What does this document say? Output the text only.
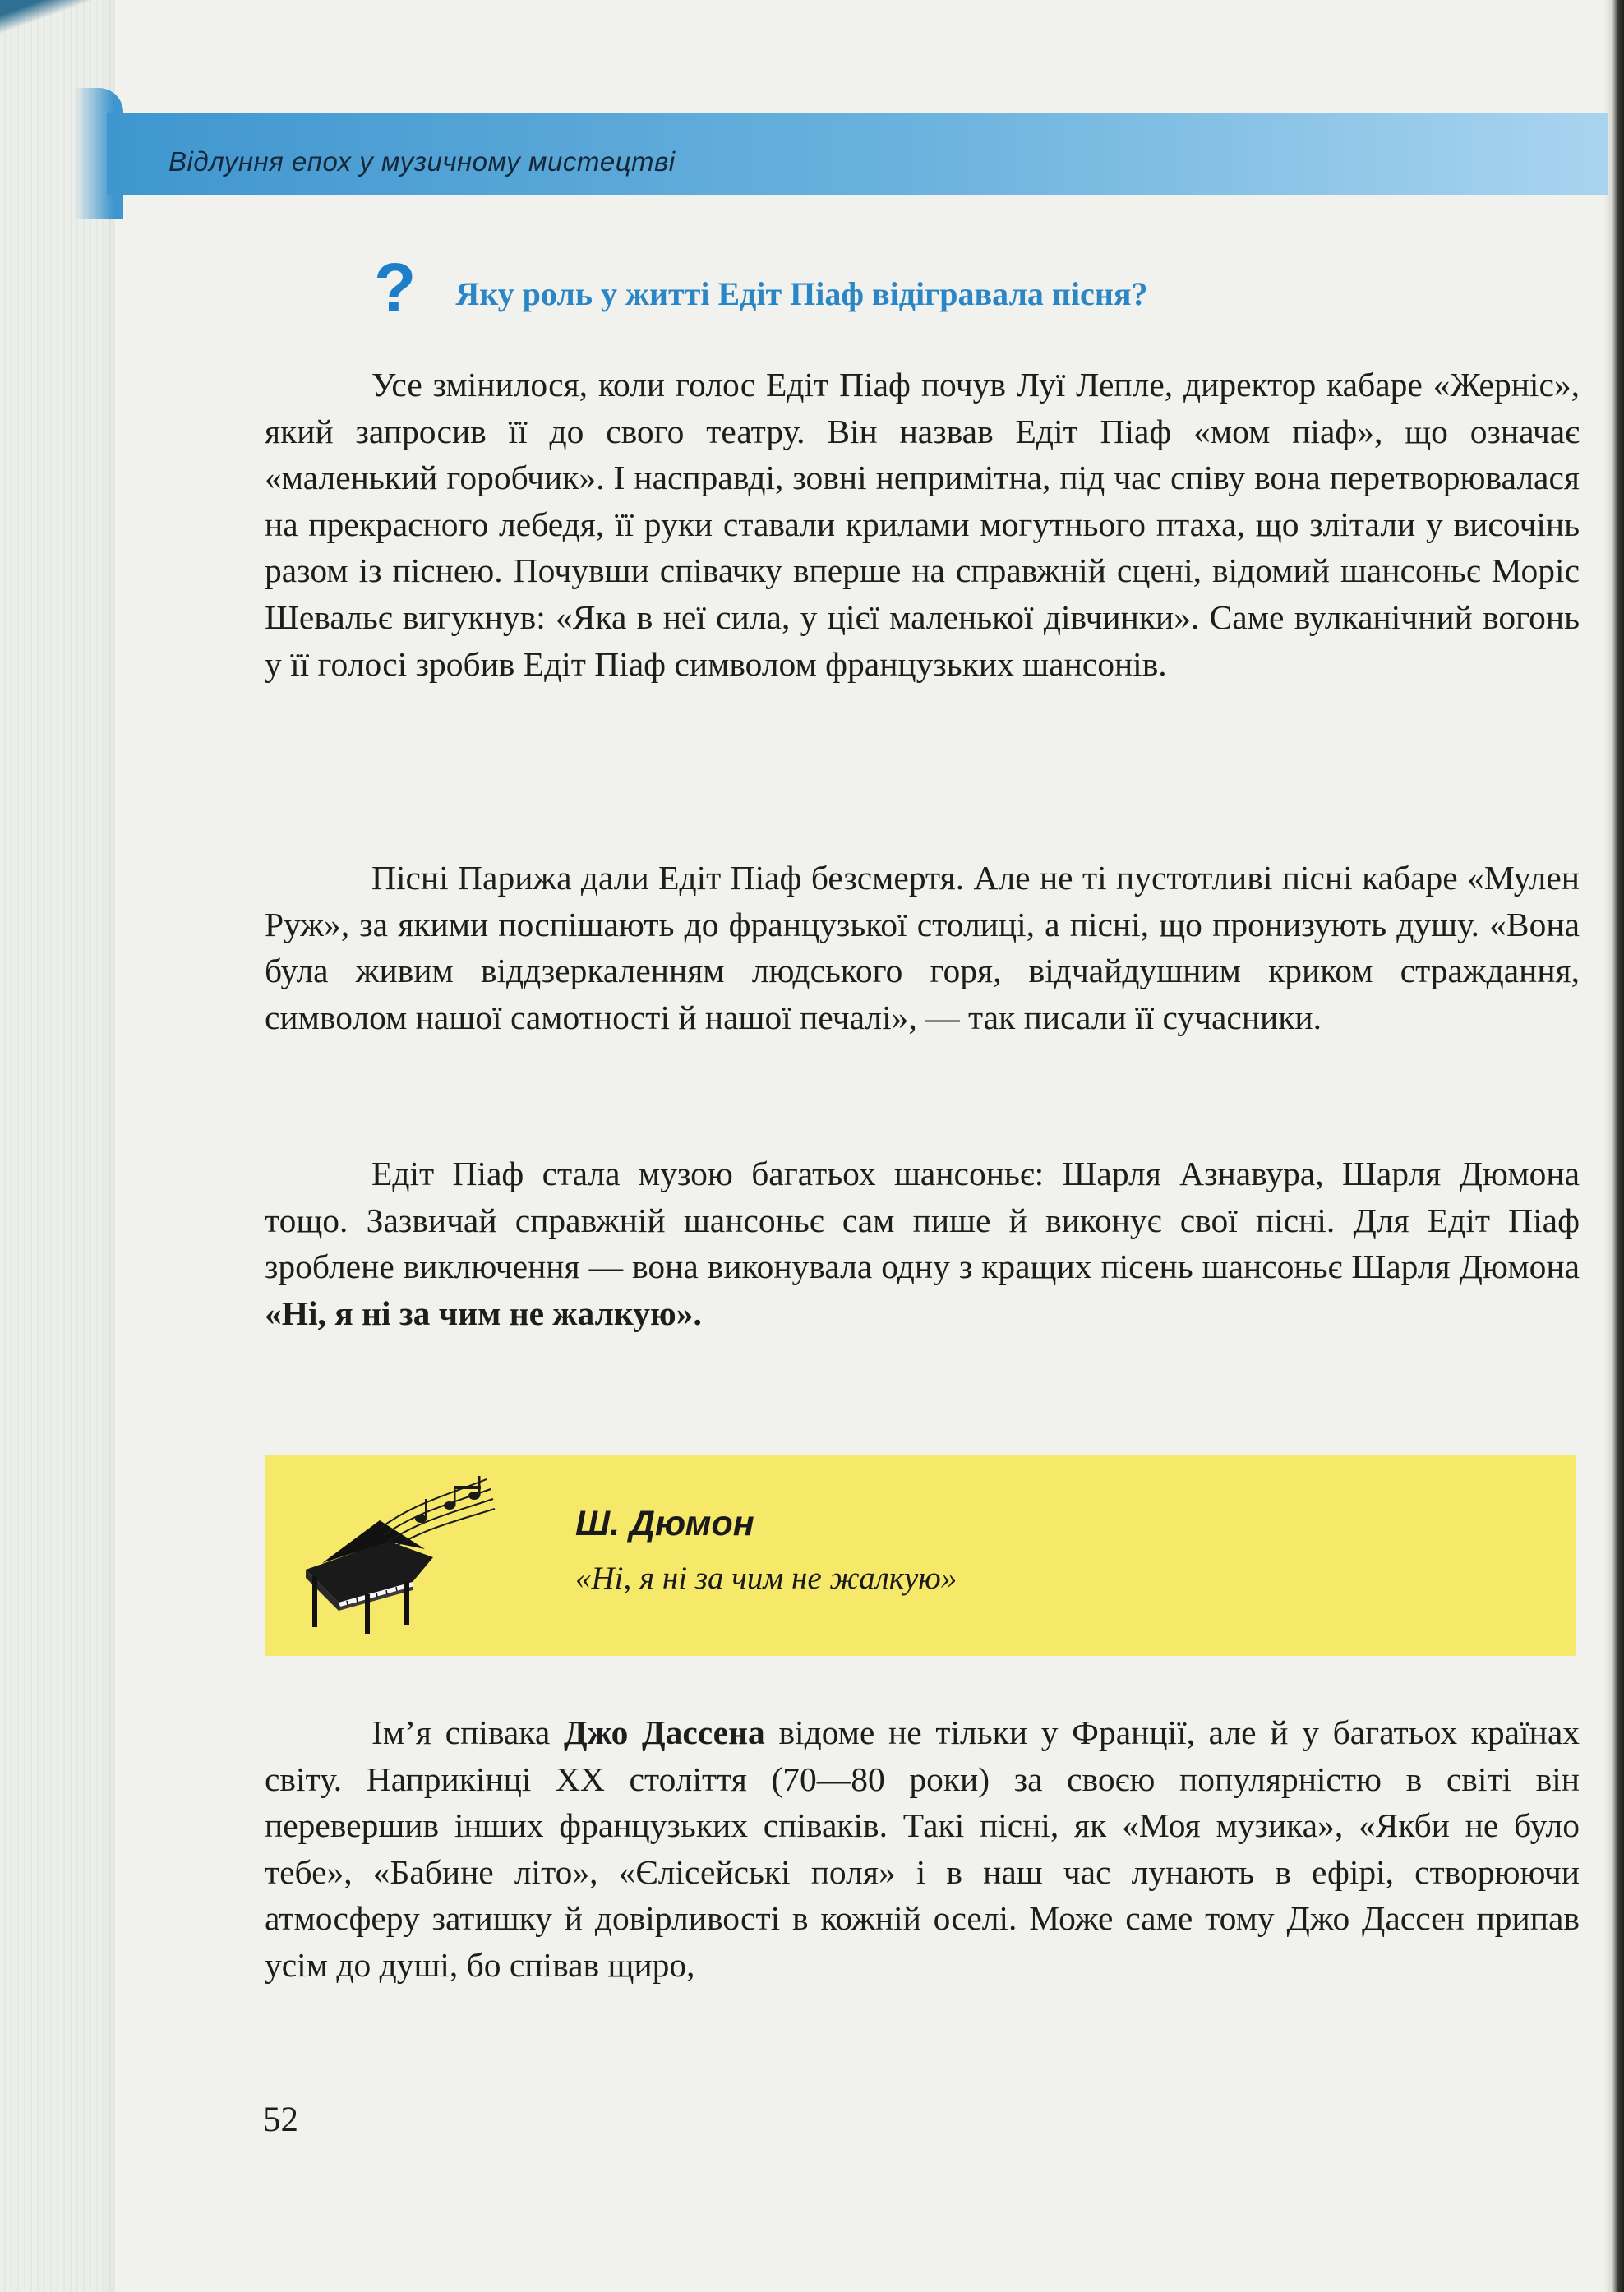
Відлуння епох у музичному мистецтві
? Яку роль у житті Едіт Піаф відігравала пісня?

Усе змінилося, коли голос Едіт Піаф почув Луї Лепле, директор кабаре «Жерніс», який запросив її до свого театру. Він назвав Едіт Піаф «мом піаф», що означає «маленький горобчик». І насправді, зовні непримітна, під час співу вона перетворювалася на прекрасного лебедя, її руки ставали крилами могутнього птаха, що злітали у височінь разом із піснею. Почувши співачку вперше на справжній сцені, відомий шансоньє Моріс Шевальє вигукнув: «Яка в неї сила, у цієї маленької дівчинки». Саме вулканічний вогонь у її голосі зробив Едіт Піаф символом французьких шансонів.

Пісні Парижа дали Едіт Піаф безсмертя. Але не ті пустотливі пісні кабаре «Мулен Руж», за якими поспішають до французької столиці, а пісні, що пронизують душу. «Вона була живим віддзеркаленням людського горя, відчайдушним криком страждання, символом нашої самотності й нашої печалі», — так писали її сучасники.

Едіт Піаф стала музою багатьох шансоньє: Шарля Азнавура, Шарля Дюмона тощо. Зазвичай справжній шансоньє сам пише й виконує свої пісні. Для Едіт Піаф зроблене виключення — вона виконувала одну з кращих пісень шансоньє Шарля Дюмона «Ні, я ні за чим не жалкую».

Ш. Дюмон
«Ні, я ні за чим не жалкую»

Ім’я співака Джо Дассена відоме не тільки у Франції, але й у багатьох країнах світу. Наприкінці XX століття (70—80 роки) за своєю популярністю в світі він перевершив інших французьких співаків. Такі пісні, як «Моя музика», «Якби не було тебе», «Бабине літо», «Єлісейські поля» і в наш час лунають в ефірі, створюючи атмосферу затишку й довірливості в кожній оселі. Може саме тому Джо Дассен припав усім до душі, бо співав щиро,

52
